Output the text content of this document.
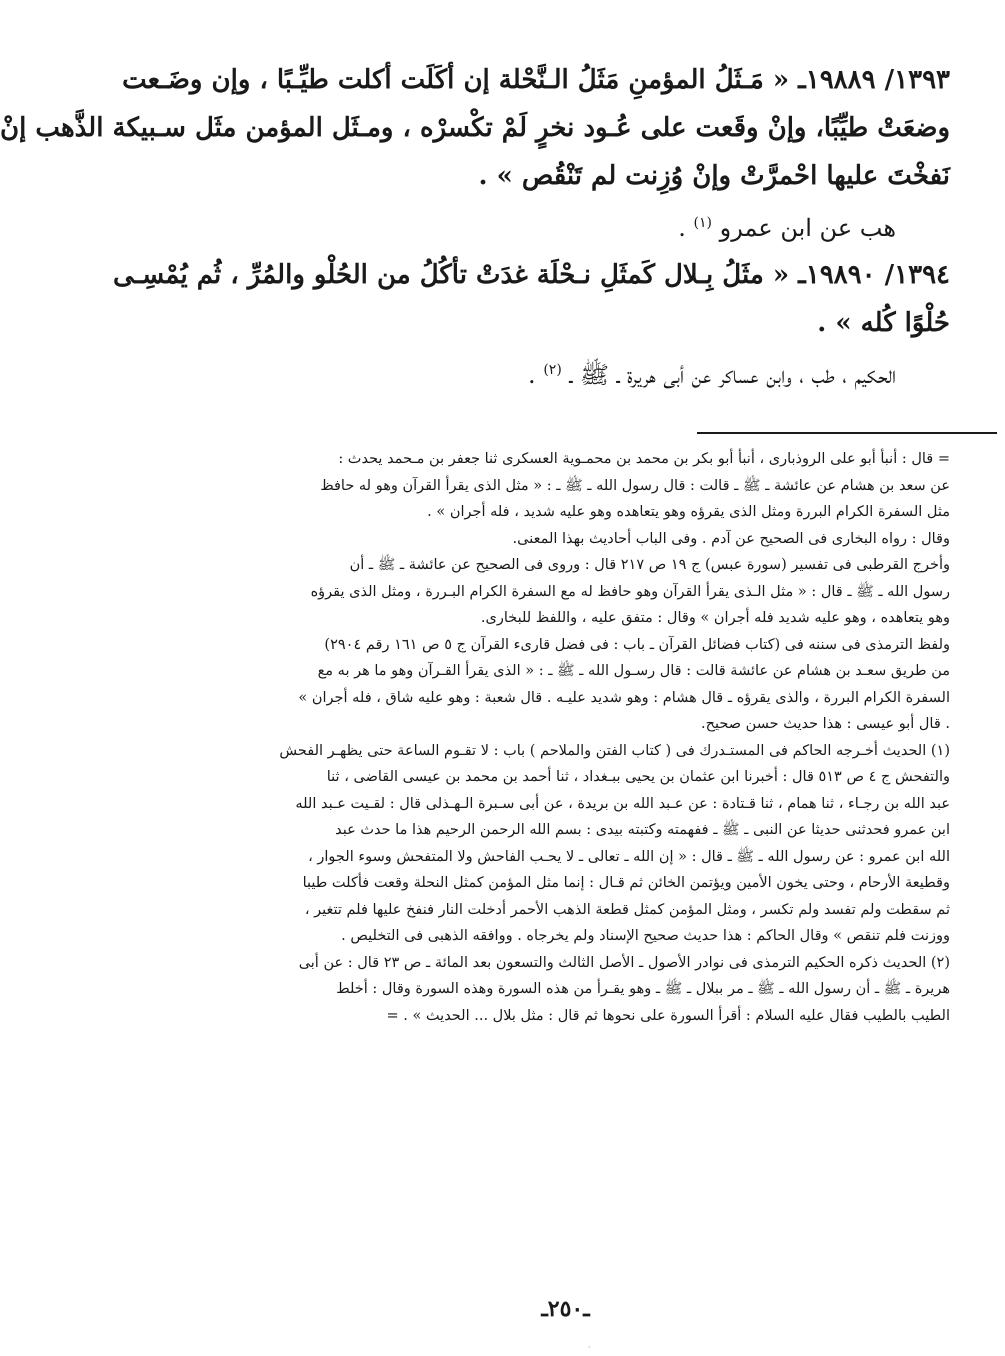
١٣٩٣/ ١٩٨٨٩ـ « مَـثَلُ المؤمنِ مَثَلُ الـنَّحْلة إن أكَلَت أكلت طيِّـبًا ، وإن وضَـعت
وضعَتْ طيِّبًا، وإنْ وقَعت على عُـود نخرٍ لَمْ تكْسرْه ، ومـثَل المؤمن مثَل سـبيكة الذَّهب إنْ
نَفخْتَ عليها احْمرَّتْ وإنْ وُزِنت لم تَنْقُص » .
هب عن ابن عمرو $^{(١)}$ .
١٣٩٤/ ١٩٨٩٠ـ « مثَلُ بِـلال كَمثَلِ نـحْلَة غدَتْ تأكُلُ من الحُلْو والمُرِّ ، ثُم يُمْسِـى
حُلْوًا كُله » .
الحكيم ، طب ، وابن عساكر عن أبى هريرة ـ ﷺ ـ $^{(٢)}$ .
= قال : أنبأ أبو على الروذبارى ، أنبأ أبو بكر بن محمد بن محمـوية العسكرى ثنا جعفر بن مـحمد يحدث :
عن سعد بن هشام عن عائشة ـ ﷺ ـ قالت : قال رسول الله ـ ﷺ ـ : « مثل الذى يقرأ القرآن وهو له حافظ
مثل السفرة الكرام البررة ومثل الذى يقرؤه وهو يتعاهده وهو عليه شديد ، فله أجران » .
وقال : رواه البخارى فى الصحيح عن آدم . وفى الباب أحاديث بهذا المعنى.
وأخرج القرطبى فى تفسير (سورة عبس) ج ١٩ ص ٢١٧ قال : وروى فى الصحيح عن عائشة ـ ﷺ ـ أن
رسول الله ـ ﷺ ـ قال : « مثل الـذى يقرأ القرآن وهو حافظ له مع السفرة الكرام البـررة ، ومثل الذى يقرؤه
وهو يتعاهده ، وهو عليه شديد فله أجران » وقال : متفق عليه ، واللفظ للبخارى.
ولفظ الترمذى فى سننه فى (كتاب فضائل القرآن ـ باب : فى فضل قارىء القرآن ج ٥ ص ١٦١ رقم ٢٩٠٤)
من طريق سعـد بن هشام عن عائشة قالت : قال رسـول الله ـ ﷺ ـ : « الذى يقرأ القـرآن وهو ما هر به مع
السفرة الكرام البررة ، والذى يقرؤه ـ قال هشام : وهو شديد عليـه . قال شعبة : وهو عليه شاق ، فله أجران »
. قال أبو عيسى : هذا حديث حسن صحيح.
(١) الحديث أخـرجه الحاكم فى المستـدرك فى ( كتاب الفتن والملاحم ) باب : لا تقـوم الساعة حتى يظهـر الفحش
والتفحش ج ٤ ص ٥١٣ قال : أخبرنا ابن عثمان بن يحيى ببـغداد ، ثنا أحمد بن محمد بن عيسى القاضى ، ثنا
عبد الله بن رجـاء ، ثنا همام ، ثنا قـتادة : عن عـبد الله بن بريدة ، عن أبى سـبرة الـهـذلى قال : لقـيت عـبد الله
ابن عمرو فحدثنى حديثا عن النبى ـ ﷺ ـ ففهمته وكتبته بيدى : بسم الله الرحمن الرحيم هذا ما حدث عبد
الله ابن عمرو : عن رسول الله ـ ﷺ ـ قال : « إن الله ـ تعالى ـ لا يحـب الفاحش ولا المتفحش وسوء الجوار ،
وقطيعة الأرحام ، وحتى يخون الأمين ويؤتمن الخائن ثم قـال : إنما مثل المؤمن كمثل النحلة وقعت فأكلت طيبا
ثم سقطت ولم تفسد ولم تكسر ، ومثل المؤمن كمثل قطعة الذهب الأحمر أدخلت النار فنفخ عليها فلم تتغير ،
ووزنت فلم تنقص » وقال الحاكم : هذا حديث صحيح الإسناد ولم يخرجاه . ووافقه الذهبى فى التخليص .
(٢) الحديث ذكره الحكيم الترمذى فى نوادر الأصول ـ الأصل الثالث والتسعون بعد المائة ـ ص ٢٣ قال : عن أبى
هريرة ـ ﷺ ـ أن رسول الله ـ ﷺ ـ مر ببلال ـ ﷺ ـ وهو يقـرأ من هذه السورة وهذه السورة وقال : أخلط
الطيب بالطيب فقال عليه السلام : أقرأ السورة على نحوها ثم قال : مثل بلال ... الحديث » . =
ـ٢٥٠ـ
·
